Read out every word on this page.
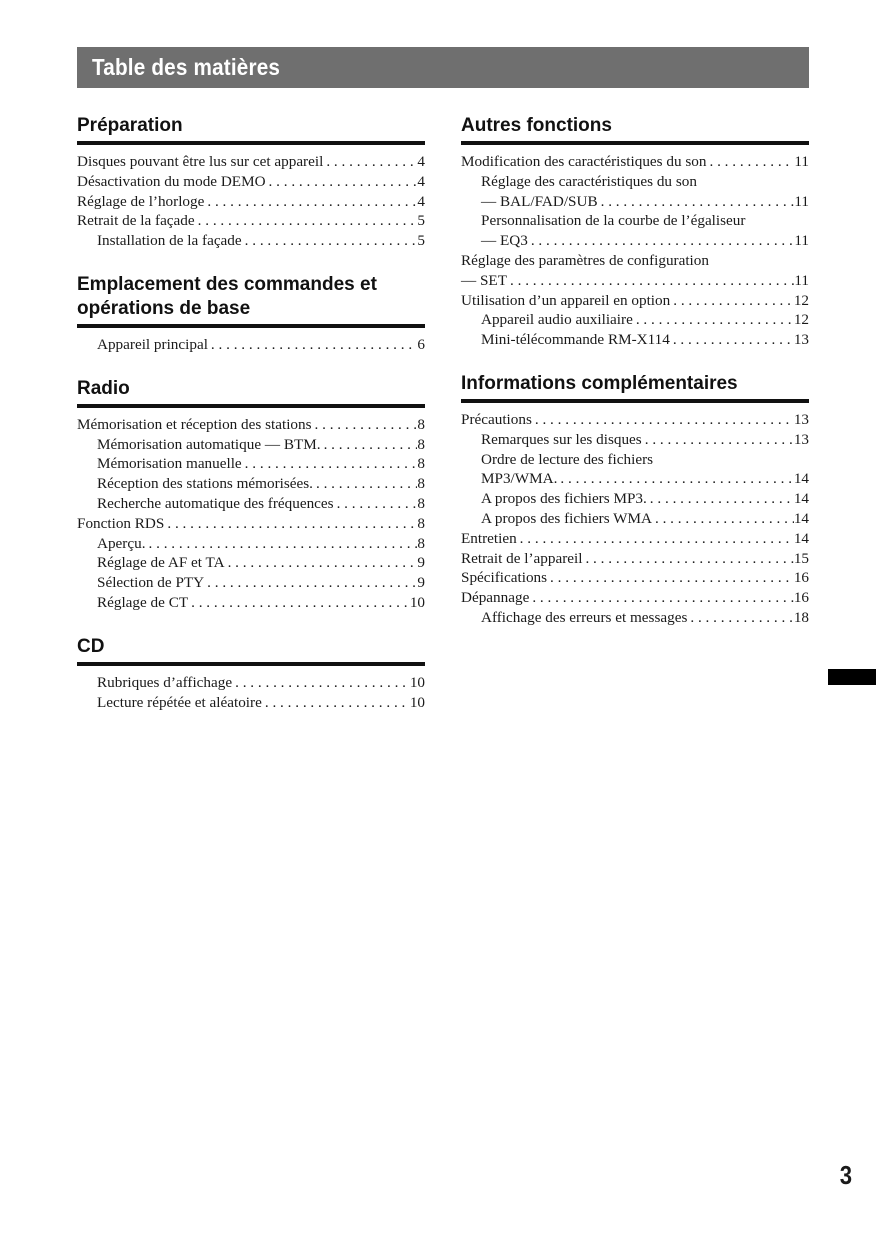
Table des matières
Préparation
Disques pouvant être lus sur cet appareil . . .	4
Désactivation du mode DEMO . . .	4
Réglage de l’horloge . . .	4
Retrait de la façade . . .	5
Installation de la façade . . .	5
Emplacement des commandes et opérations de base
Appareil principal . . .	6
Radio
Mémorisation et réception des stations . . .	8
Mémorisation automatique — BTM. . . .	8
Mémorisation manuelle . . .	8
Réception des stations mémorisées. . . .	8
Recherche automatique des fréquences . . .	8
Fonction RDS . . .	8
Aperçu. . . .	8
Réglage de AF et TA . . .	9
Sélection de PTY . . .	9
Réglage de CT . . .	10
CD
Rubriques d’affichage . . .	10
Lecture répétée et aléatoire . . .	10
Autres fonctions
Modification des caractéristiques du son . . .	11
Réglage des caractéristiques du son
— BAL/FAD/SUB . . .	11
Personnalisation de la courbe de l’égaliseur
— EQ3 . . .	11
Réglage des paramètres de configuration
— SET . . .	11
Utilisation d’un appareil en option . . .	12
Appareil audio auxiliaire . . .	12
Mini-télécommande RM-X114 . . .	13
Informations complémentaires
Précautions . . .	13
Remarques sur les disques . . .	13
Ordre de lecture des fichiers
MP3/WMA. . . .	14
A propos des fichiers MP3. . . .	14
A propos des fichiers WMA . . .	14
Entretien . . .	14
Retrait de l’appareil . . .	15
Spécifications . . .	16
Dépannage . . .	16
Affichage des erreurs et messages . . .	18
3
